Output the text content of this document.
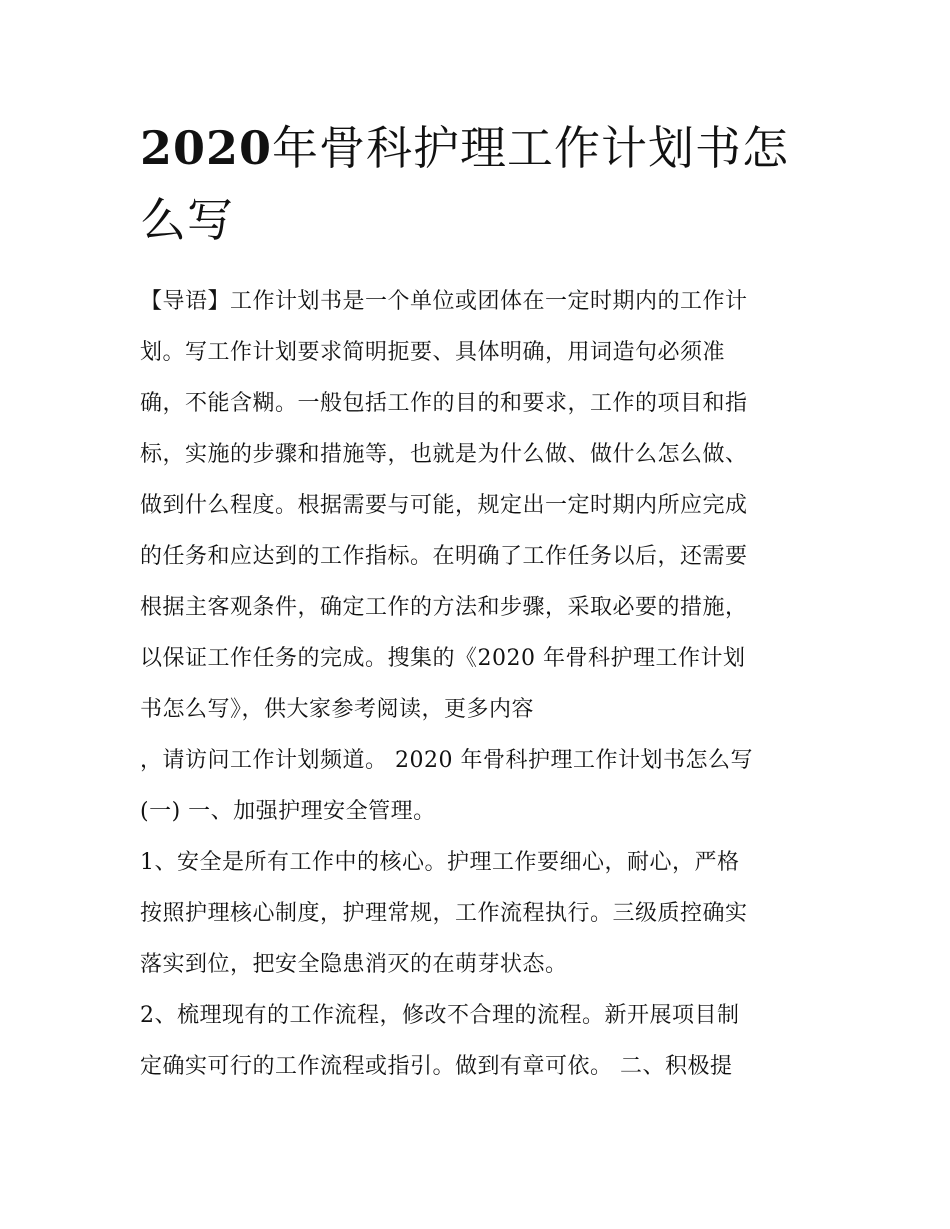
2020年骨科护理工作计划书怎
么写
【导语】工作计划书是一个单位或团体在一定时期内的工作计
划。写工作计划要求简明扼要、具体明确，用词造句必须准
确，不能含糊。一般包括工作的目的和要求，工作的项目和指
标，实施的步骤和措施等，也就是为什么做、做什么怎么做、
做到什么程度。根据需要与可能，规定出一定时期内所应完成
的任务和应达到的工作指标。在明确了工作任务以后，还需要
根据主客观条件，确定工作的方法和步骤，采取必要的措施，
以保证工作任务的完成。搜集的《2020 年骨科护理工作计划
书怎么写》，供大家参考阅读，更多内容
，请访问工作计划频道。 2020 年骨科护理工作计划书怎么写
(一) 一、加强护理安全管理。
1、安全是所有工作中的核心。护理工作要细心，耐心，严格
按照护理核心制度，护理常规，工作流程执行。三级质控确实
落实到位，把安全隐患消灭的在萌芽状态。
2、梳理现有的工作流程，修改不合理的流程。新开展项目制
定确实可行的工作流程或指引。做到有章可依。 二、积极提
